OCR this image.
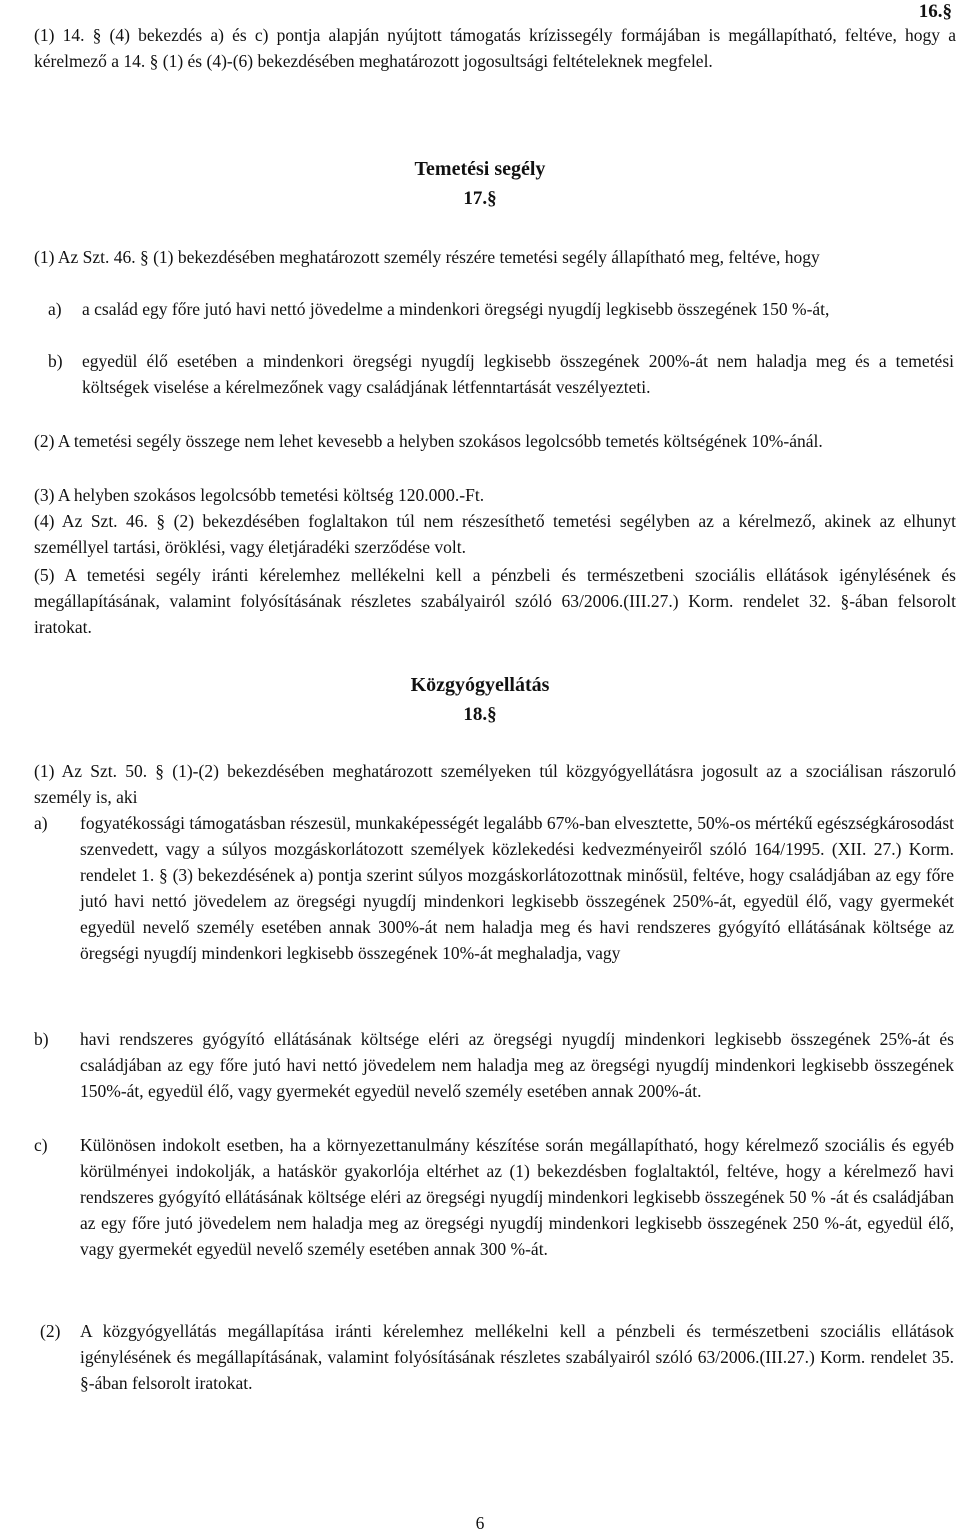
16.§

(1) 14. § (4) bekezdés a) és c) pontja alapján nyújtott támogatás krízissegély formájában is megállapítható, feltéve, hogy a kérelmező a 14. § (1) és (4)-(6) bekezdésében meghatározott jogosultsági feltételeknek megfelel.

Temetési segély

17.§

(1) Az Szt. 46. § (1) bekezdésében meghatározott személy részére temetési segély állapítható meg, feltéve, hogy

a) a család egy főre jutó havi nettó jövedelme a mindenkori öregségi nyugdíj legkisebb összegének 150 %-át,

b) egyedül élő esetében a mindenkori öregségi nyugdíj legkisebb összegének 200%-át nem haladja meg és a temetési költségek viselése a kérelmezőnek vagy családjának létfenntartását veszélyezteti.

(2) A temetési segély összege nem lehet kevesebb a helyben szokásos legolcsóbb temetés költségének 10%-ánál.

(3) A helyben szokásos legolcsóbb temetési költség 120.000.-Ft.

(4) Az Szt. 46. § (2) bekezdésében foglaltakon túl nem részesíthető temetési segélyben az a kérelmező, akinek az elhunyt személlyel tartási, öröklési, vagy életjáradéki szerződése volt.

(5) A temetési segély iránti kérelemhez mellékelni kell a pénzbeli és természetbeni szociális ellátások igénylésének és megállapításának, valamint folyósításának részletes szabályairól szóló 63/2006.(III.27.) Korm. rendelet 32. §-ában felsorolt iratokat.

Közgyógyellátás

18.§

(1) Az Szt. 50. § (1)-(2) bekezdésében meghatározott személyeken túl közgyógyellátásra jogosult az a szociálisan rászoruló személy is, aki

a) fogyatékossági támogatásban részesül, munkaképességét legalább 67%-ban elvesztette, 50%-os mértékű egészségkárosodást szenvedett, vagy a súlyos mozgáskorlátozott személyek közlekedési kedvezményeiről szóló 164/1995. (XII. 27.) Korm. rendelet 1. § (3) bekezdésének a) pontja szerint súlyos mozgáskorlátozottnak minősül, feltéve, hogy családjában az egy főre jutó havi nettó jövedelem az öregségi nyugdíj mindenkori legkisebb összegének 250%-át, egyedül élő, vagy gyermekét egyedül nevelő személy esetében annak 300%-át nem haladja meg és havi rendszeres gyógyító ellátásának költsége az öregségi nyugdíj mindenkori legkisebb összegének 10%-át meghaladja, vagy

b) havi rendszeres gyógyító ellátásának költsége eléri az öregségi nyugdíj mindenkori legkisebb összegének 25%-át és családjában az egy főre jutó havi nettó jövedelem nem haladja meg az öregségi nyugdíj mindenkori legkisebb összegének 150%-át, egyedül élő, vagy gyermekét egyedül nevelő személy esetében annak 200%-át.

c) Különösen indokolt esetben, ha a környezettanulmány készítése során megállapítható, hogy kérelmező szociális és egyéb körülményei indokolják, a hatáskör gyakorlója eltérhet az (1) bekezdésben foglaltaktól, feltéve, hogy a kérelmező havi rendszeres gyógyító ellátásának költsége eléri az öregségi nyugdíj mindenkori legkisebb összegének 50 % -át és családjában az egy főre jutó jövedelem nem haladja meg az öregségi nyugdíj mindenkori legkisebb összegének 250 %-át, egyedül élő, vagy gyermekét egyedül nevelő személy esetében annak 300 %-át.

(2) A közgyógyellátás megállapítása iránti kérelemhez mellékelni kell a pénzbeli és természetbeni szociális ellátások igénylésének és megállapításának, valamint folyósításának részletes szabályairól szóló 63/2006.(III.27.) Korm. rendelet 35. §-ában felsorolt iratokat.

6
